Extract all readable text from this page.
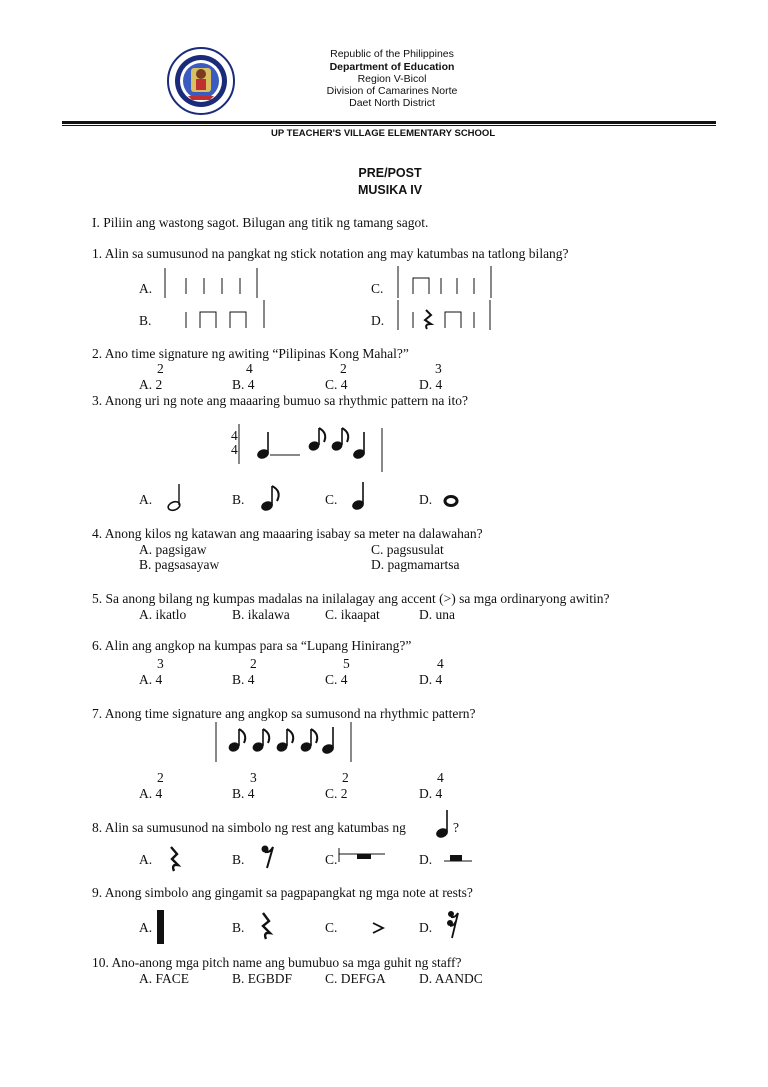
Republic of the Philippines
Department of Education
Region V-Bicol
Division of Camarines Norte
Daet North District
UP TEACHER'S VILLAGE ELEMENTARY SCHOOL
PRE/POST
MUSIKA IV
I. Piliin ang wastong sagot. Bilugan ang titik ng tamang sagot.
1. Alin sa sumusunod na pangkat ng stick notation ang may katumbas na tatlong bilang?
A.	C.
B.	D.
2. Ano time signature ng awiting “Pilipinas Kong Mahal?”
2	4	2	3
A. 2	B. 4	C. 4	D. 4
3. Anong uri ng note ang maaaring bumuo sa rhythmic pattern na ito?
4
4
A.	B.	C.	D.
4. Anong kilos ng katawan ang maaaring isabay sa meter na dalawahan?
A. pagsigaw	C. pagsusulat
B. pagsasayaw	D. pagmamartsa
5. Sa anong bilang ng kumpas madalas na inilalagay ang accent (>) sa mga ordinaryong awitin?
A. ikatlo	B. ikalawa	C. ikaapat	D. una
6. Alin ang angkop na kumpas para sa “Lupang Hinirang?”
3	2	5	4
A. 4	B. 4	C. 4	D. 4
7. Anong time signature ang angkop sa sumusond na rhythmic pattern?
2	3	2	4
A. 4	B. 4	C. 2	D. 4
8. Alin sa sumusunod na simbolo ng rest ang katumbas ng	?
A.	B.	C.	D.
9. Anong simbolo ang gingamit sa pagpapangkat ng mga note at rests?
A.	B.	C.	D.
10. Ano-anong mga pitch name ang bumubuo sa mga guhit ng staff?
A. FACE	B. EGBDF C. DEFGA D. AANDC
